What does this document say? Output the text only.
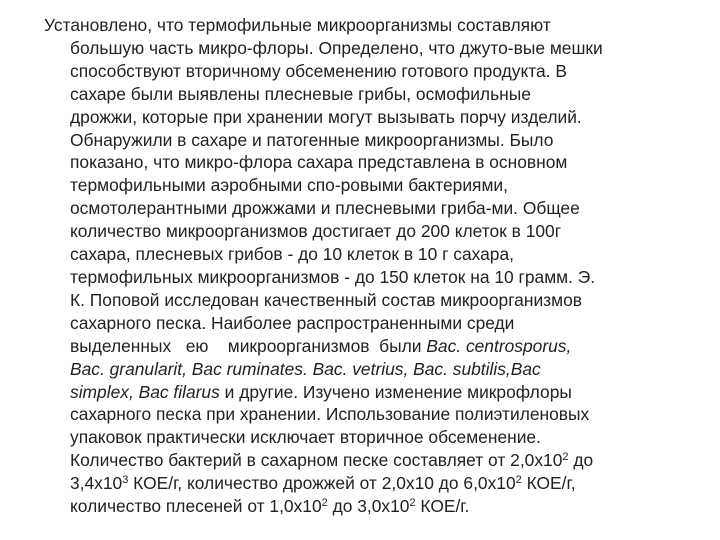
Установлено, что термофильные микроорганизмы составляют
большую часть микро-флоры. Определено, что джуто-вые мешки
способствуют вторичному обсеменению готового продукта. В
сахаре были выявлены плесневые грибы, осмофильные
дрожжи, которые при хранении могут вызывать порчу изделий.
Обнаружили в сахаре и патогенные микроорганизмы. Было
показано, что микро-флора сахара представлена в основном
термофильными аэробными спо-ровыми бактериями,
осмотолерантными дрожжами и плесневыми гриба-ми. Общее
количество микроорганизмов достигает до 200 клеток в 100г
сахара, плесневых грибов - до 10 клеток в 10 г сахара,
термофильных микроорганизмов - до 150 клеток на 10 грамм. Э.
К. Поповой исследован качественный состав микроорганизмов
сахарного песка. Наиболее распространенными среди
выделенных   ею    микроорганизмов  были Bac. centrosporus,
Bac. granularit, Bac ruminates. Bac. vetrius, Bac. subtilis,Bac
simplex, Bac filarus и другие. Изучено изменение микрофлоры
сахарного песка при хранении. Использование полиэтиленовых
упаковок практически исключает вторичное обсеменение.
Количество бактерий в сахарном песке составляет от $2,0х10^2$ до
$3,4х10^3$ КОЕ/г, количество дрожжей от 2,0х10 до $6,0х10^2$ КОЕ/г,
количество плесеней от $1,0х10^2$ до $3,0х10^2$ КОЕ/г.
